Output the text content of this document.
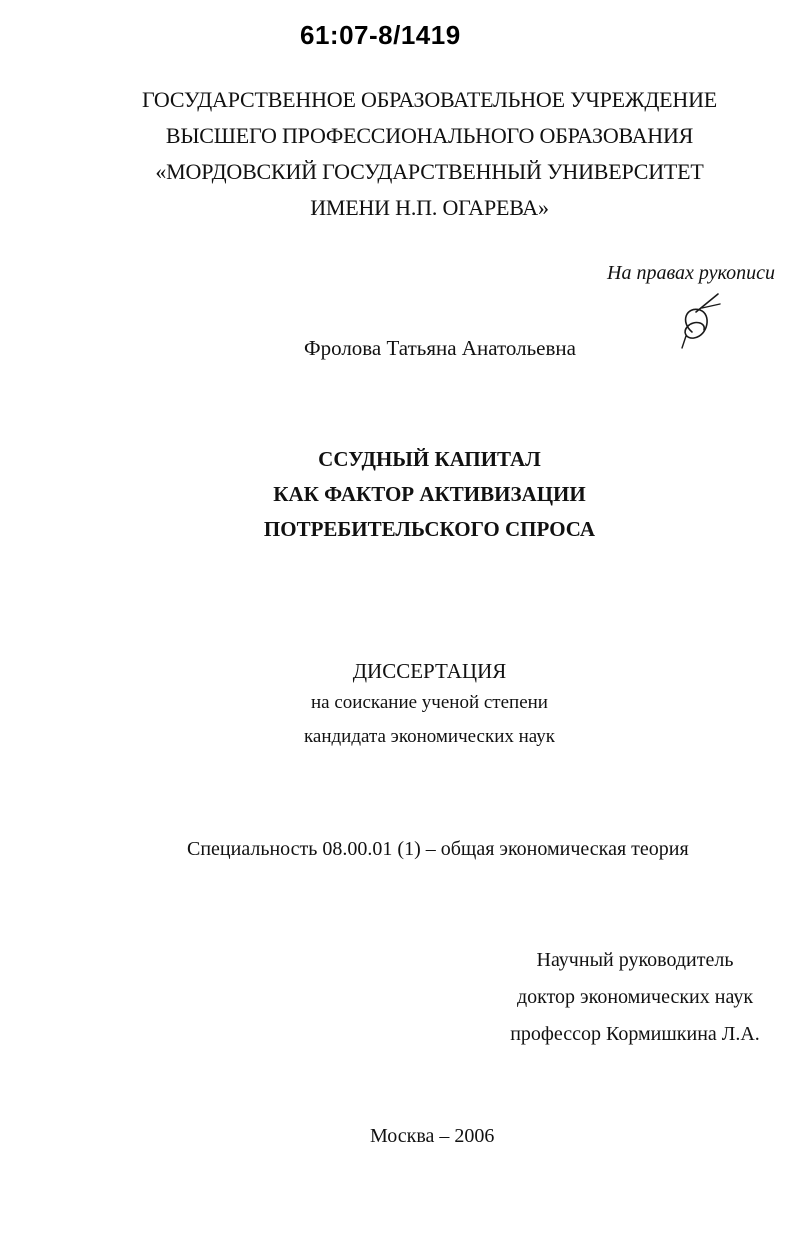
61:07-8/1419
ГОСУДАРСТВЕННОЕ ОБРАЗОВАТЕЛЬНОЕ УЧРЕЖДЕНИЕ
ВЫСШЕГО ПРОФЕССИОНАЛЬНОГО ОБРАЗОВАНИЯ
«МОРДОВСКИЙ ГОСУДАРСТВЕННЫЙ УНИВЕРСИТЕТ
ИМЕНИ Н.П. ОГАРЕВА»
На правах рукописи
Фролова Татьяна Анатольевна
ССУДНЫЙ КАПИТАЛ
КАК ФАКТОР АКТИВИЗАЦИИ
ПОТРЕБИТЕЛЬСКОГО СПРОСА
ДИССЕРТАЦИЯ
на соискание ученой степени
кандидата экономических наук
Специальность 08.00.01 (1) – общая экономическая теория
Научный руководитель
доктор экономических наук
профессор Кормишкина Л.А.
Москва – 2006
